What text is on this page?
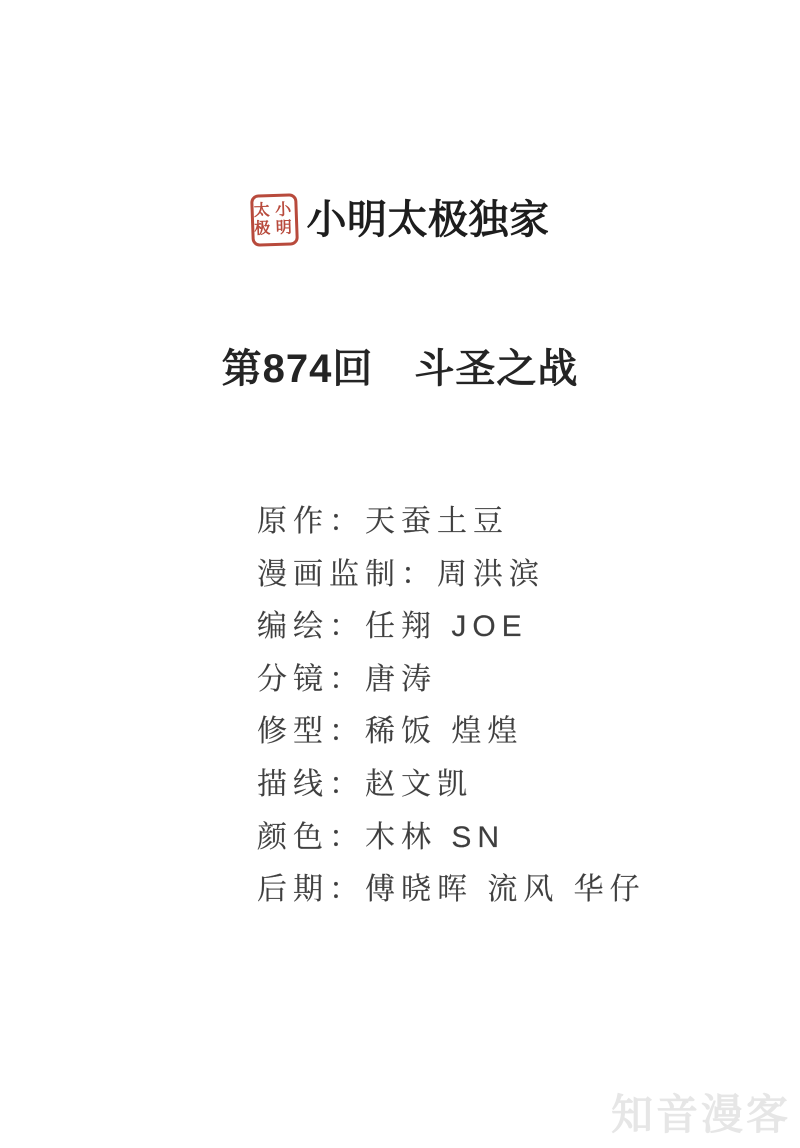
太极
小明 小明太极独家
第874回　斗圣之战
原作：天蚕土豆
漫画监制：周洪滨
编绘：任翔 JOE
分镜：唐涛
修型：稀饭 煌煌
描线：赵文凯
颜色：木林 SN
后期：傅晓晖 流风 华仔
知音漫客
